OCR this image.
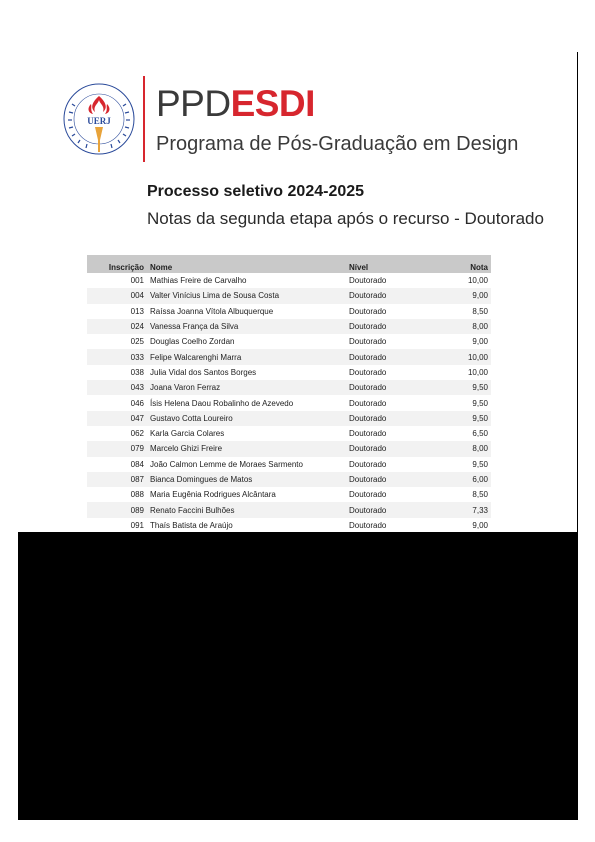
UERJ PPDESDI
Programa de Pós-Graduação em Design
Processo seletivo 2024-2025
Notas da segunda etapa após o recurso - Doutorado
Inscrição	Nome	Nível	Nota
001	Mathias Freire de Carvalho	Doutorado	10,00
004	Valter Vinícius Lima de Sousa Costa	Doutorado	9,00
013	Raíssa Joanna Vítola Albuquerque	Doutorado	8,50
024	Vanessa França da Silva	Doutorado	8,00
025	Douglas Coelho Zordan	Doutorado	9,00
033	Felipe Walcarenghi Marra	Doutorado	10,00
038	Julia Vidal dos Santos Borges	Doutorado	10,00
043	Joana Varon Ferraz	Doutorado	9,50
046	Ísis Helena Daou Robalinho de Azevedo	Doutorado	9,50
047	Gustavo Cotta Loureiro	Doutorado	9,50
062	Karla Garcia Colares	Doutorado	6,50
079	Marcelo Ghizi Freire	Doutorado	8,00
084	João Calmon Lemme de Moraes Sarmento	Doutorado	9,50
087	Bianca Domingues de Matos	Doutorado	6,00
088	Maria Eugênia Rodrigues Alcântara	Doutorado	8,50
089	Renato Faccini Bulhões	Doutorado	7,33
091	Thaís Batista de Araújo	Doutorado	9,00
